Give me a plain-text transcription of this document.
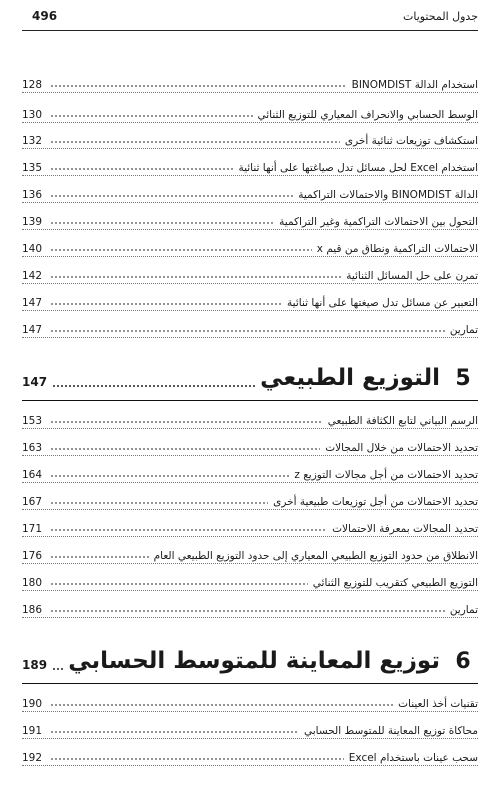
496	جدول المحتويات
استخدام الدالة BINOMDIST
128
الوسط الحسابي والانحراف المعياري للتوزيع الثنائي
130
استكشاف توزيعات ثنائية أخرى
132
استخدام Excel لحل مسائل تدل صياغتها على أنها ثنائية
135
الدالة BINOMDIST والاحتمالات التراكمية
136
التحول بين الاحتمالات التراكمية وغير التراكمية
139
الاحتمالات التراكمية ونطاق من قيم x
140
تمرن على حل المسائل الثنائية
142
التعبير عن مسائل تدل صيغتها على أنها ثنائية
147
تمارين
147
5
التوزيع الطبيعي
147
الرسم البياني لتابع الكثافة الطبيعي
153
تحديد الاحتمالات من خلال المجالات
163
تحديد الاحتمالات من أجل مجالات التوزيع z
164
تحديد الاحتمالات من أجل توزيعات طبيعية أخرى
167
تحديد المجالات بمعرفة الاحتمالات
171
الانطلاق من حدود التوزيع الطبيعي المعياري إلى حدود التوزيع الطبيعي العام
176
التوزيع الطبيعي كتقريب للتوزيع الثنائي
180
تمارين
186
6
توزيع المعاينة للمتوسط الحسابي
189
تقنيات أخذ العينات
190
محاكاة توزيع المعاينة للمتوسط الحسابي
191
سحب عينات باستخدام Excel
192
